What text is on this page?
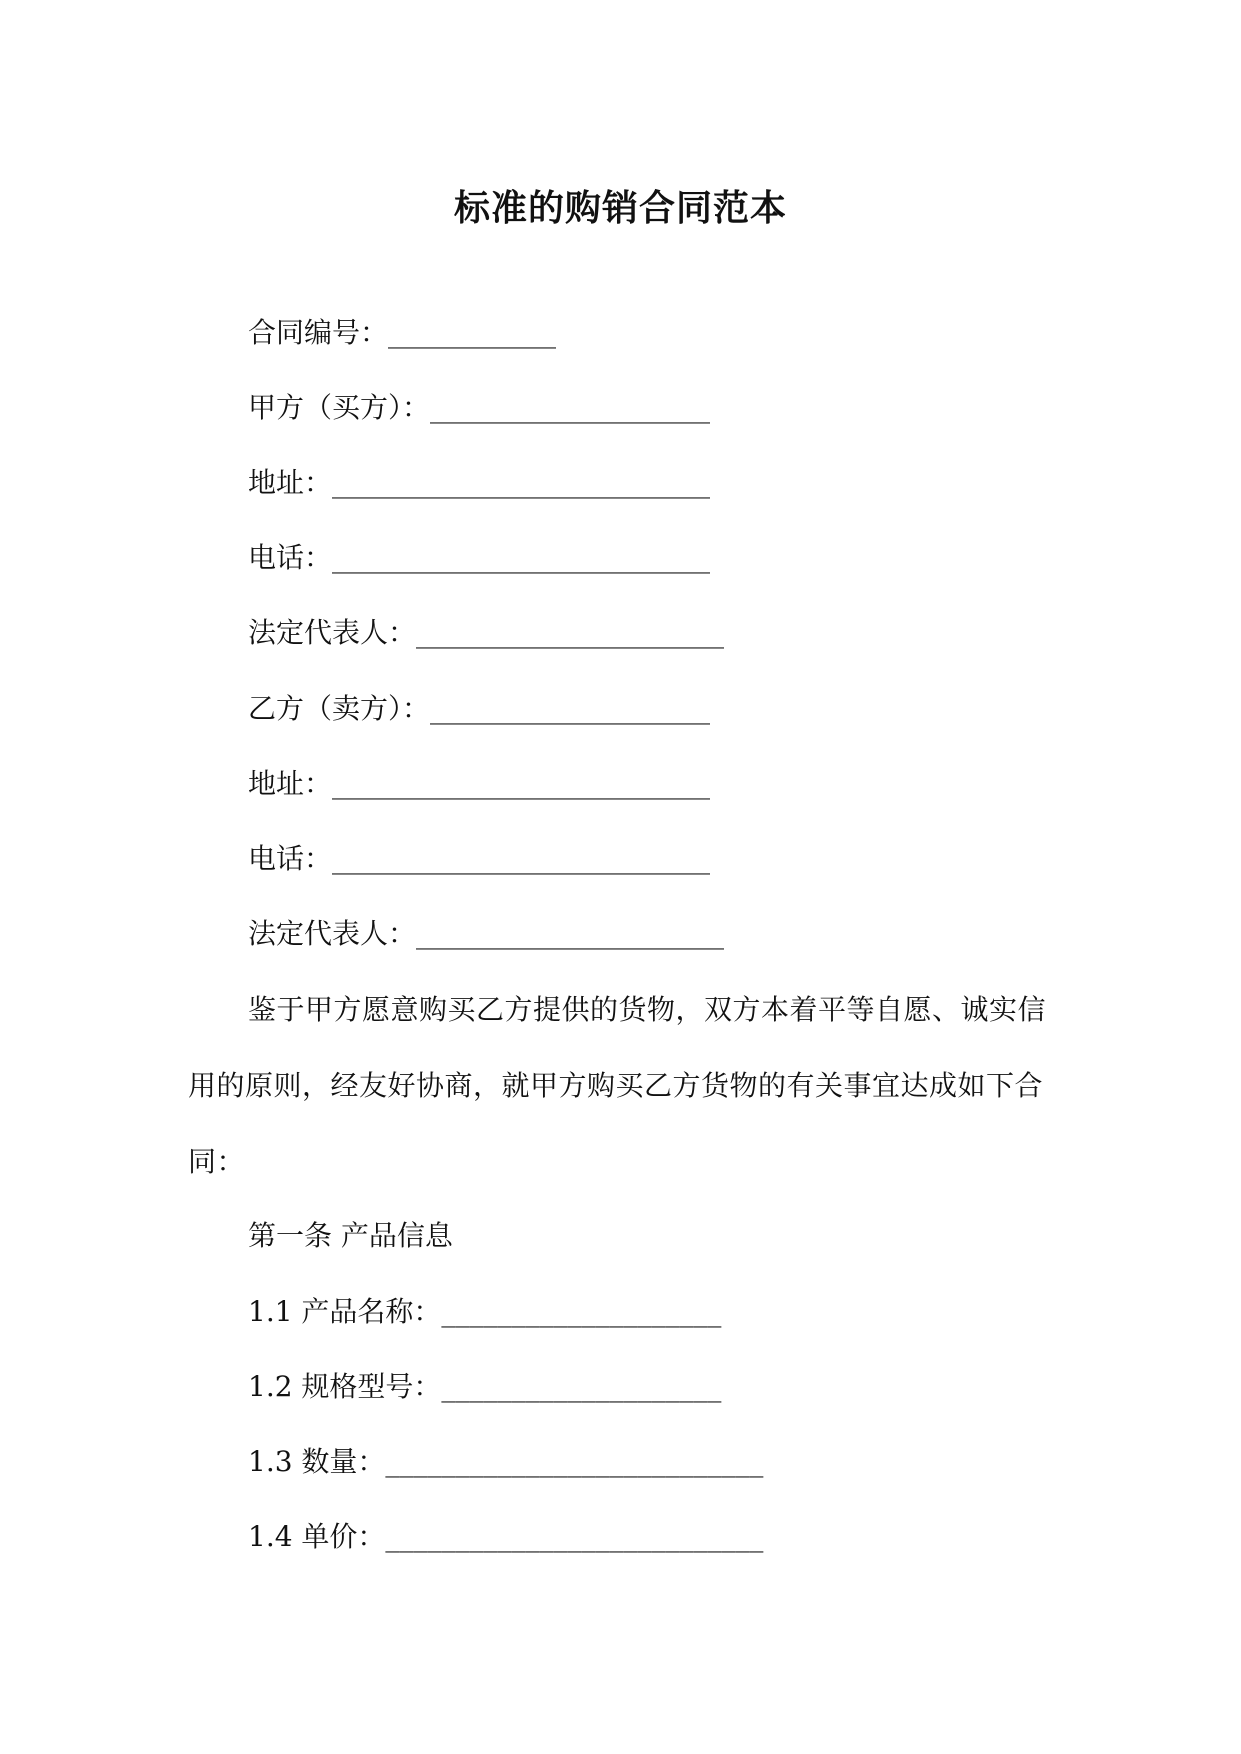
标准的购销合同范本
合同编号：____________
甲方（买方）：____________________
地址：___________________________
电话：___________________________
法定代表人：______________________
乙方（卖方）：____________________
地址：___________________________
电话：___________________________
法定代表人：______________________
鉴于甲方愿意购买乙方提供的货物，双方本着平等自愿、诚实信用的原则，经友好协商，就甲方购买乙方货物的有关事宜达成如下合同：
第一条 产品信息
1.1 产品名称：____________________
1.2 规格型号：____________________
1.3 数量：___________________________
1.4 单价：___________________________
